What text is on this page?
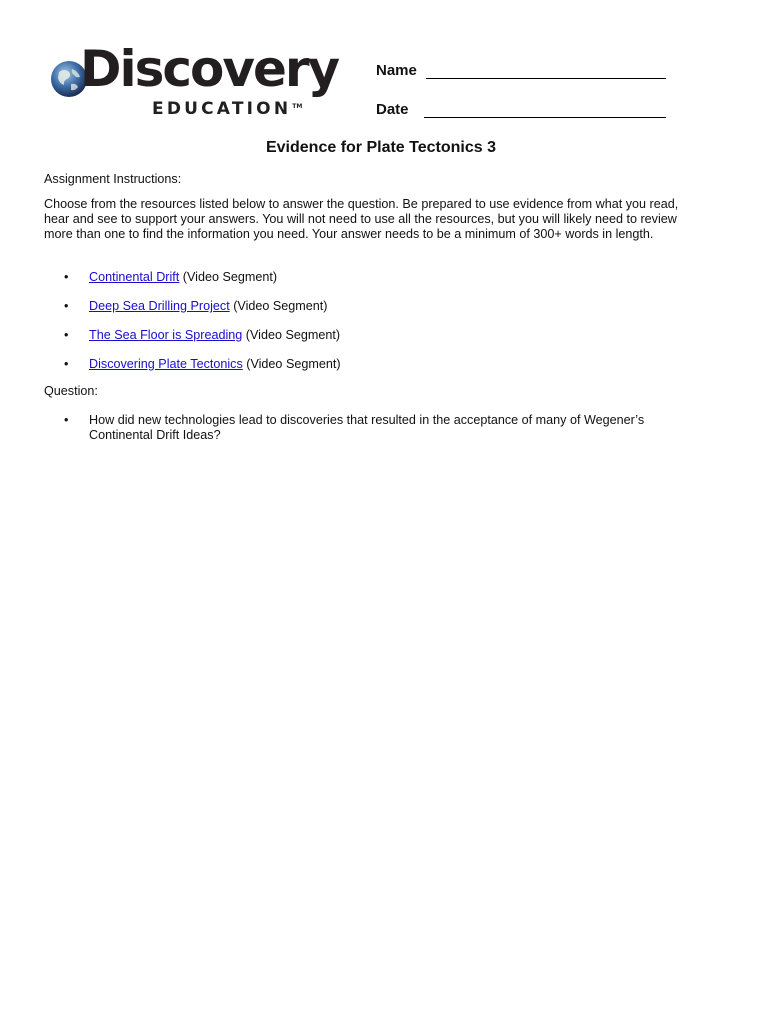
Discovery
EDUCATION™
Name
Date
Evidence for Plate Tectonics 3
Assignment Instructions:
Choose from the resources listed below to answer the question. Be prepared to use evidence from what you read, hear and see to support your answers. You will not need to use all the resources, but you will likely need to review more than one to find the information you need. Your answer needs to be a minimum of 300+ words in length.
• Continental Drift (Video Segment)
• Deep Sea Drilling Project (Video Segment)
• The Sea Floor is Spreading (Video Segment)
• Discovering Plate Tectonics (Video Segment)
Question:
• How did new technologies lead to discoveries that resulted in the acceptance of many of Wegener’s Continental Drift Ideas?
